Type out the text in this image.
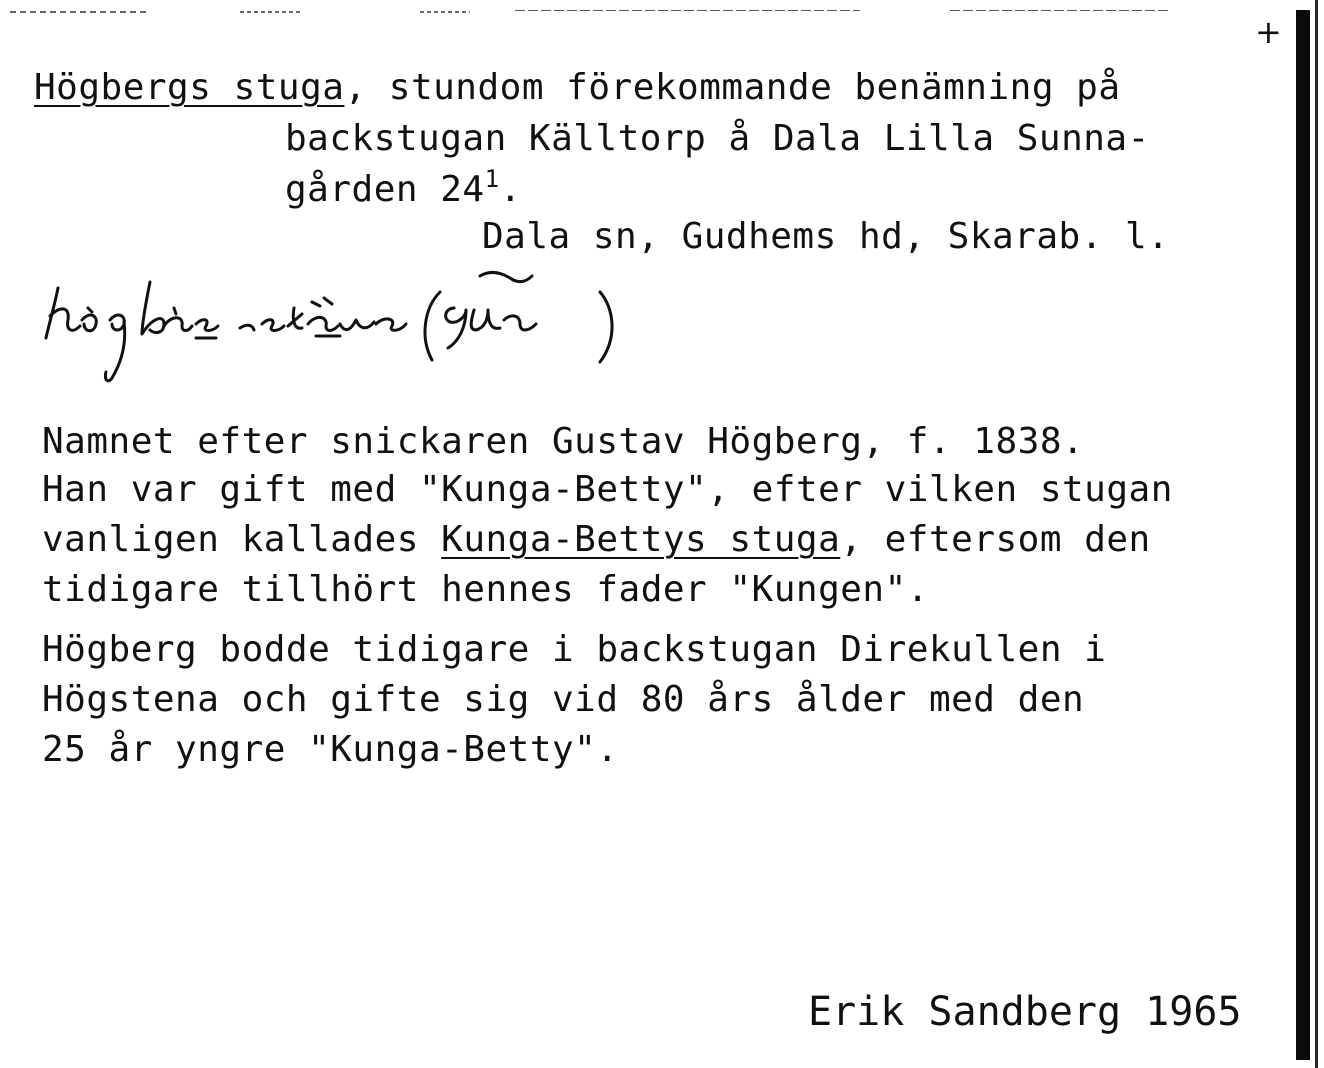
+
Högbergs stuga, stundom förekommande benämning på
backstugan Källtorp å Dala Lilla Sunna-
gården $24^1$.
Dala sn, Gudhems hd, Skarab. l.
Namnet efter snickaren Gustav Högberg, f. 1838.
Han var gift med "Kunga-Betty", efter vilken stugan
vanligen kallades Kunga-Bettys stuga, eftersom den
tidigare tillhört hennes fader "Kungen".
Högberg bodde tidigare i backstugan Direkullen i
Högstena och gifte sig vid 80 års ålder med den
25 år yngre "Kunga-Betty".
Erik Sandberg 1965
